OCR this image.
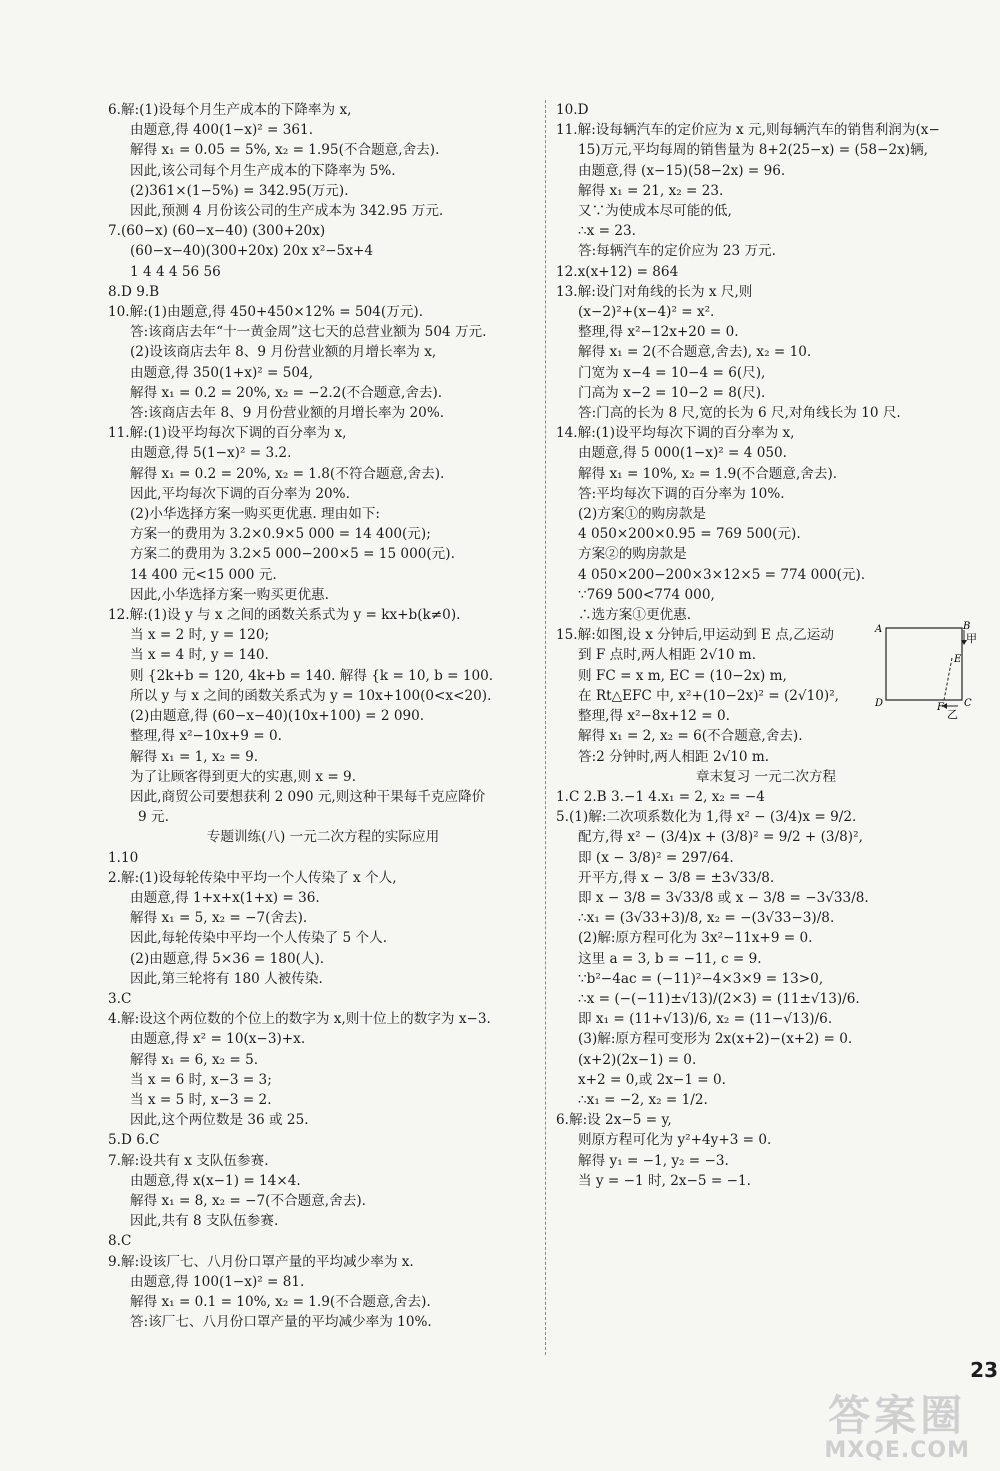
6.解:(1)设每个月生产成本的下降率为 x,
由题意,得 400(1−x)² = 361.
解得 x₁ = 0.05 = 5%, x₂ = 1.95(不合题意,舍去).
因此,该公司每个月生产成本的下降率为 5%.
(2)361×(1−5%) = 342.95(万元).
因此,预测 4 月份该公司的生产成本为 342.95 万元.
7.(60−x) (60−x−40) (300+20x)
(60−x−40)(300+20x) 20x x²−5x+4
1 4 4 4 56 56
8.D 9.B
10.解:(1)由题意,得 450+450×12% = 504(万元).
答:该商店去年“十一黄金周”这七天的总营业额为 504 万元.
(2)设该商店去年 8、9 月份营业额的月增长率为 x,
由题意,得 350(1+x)² = 504,
解得 x₁ = 0.2 = 20%, x₂ = −2.2(不合题意,舍去).
答:该商店去年 8、9 月份营业额的月增长率为 20%.
11.解:(1)设平均每次下调的百分率为 x,
由题意,得 5(1−x)² = 3.2.
解得 x₁ = 0.2 = 20%, x₂ = 1.8(不符合题意,舍去).
因此,平均每次下调的百分率为 20%.
(2)小华选择方案一购买更优惠. 理由如下:
方案一的费用为 3.2×0.9×5 000 = 14 400(元);
方案二的费用为 3.2×5 000−200×5 = 15 000(元).
14 400 元<15 000 元.
因此,小华选择方案一购买更优惠.
12.解:(1)设 y 与 x 之间的函数关系式为 y = kx+b(k≠0).
当 x = 2 时, y = 120;
当 x = 4 时, y = 140.
则 {2k+b = 120, 4k+b = 140. 解得 {k = 10, b = 100.
所以 y 与 x 之间的函数关系式为 y = 10x+100(0<x<20).
(2)由题意,得 (60−x−40)(10x+100) = 2 090.
整理,得 x²−10x+9 = 0.
解得 x₁ = 1, x₂ = 9.
为了让顾客得到更大的实惠,则 x = 9.
因此,商贸公司要想获利 2 090 元,则这种干果每千克应降价
9 元.
专题训练(八) 一元二次方程的实际应用
1.10
2.解:(1)设每轮传染中平均一个人传染了 x 个人,
由题意,得 1+x+x(1+x) = 36.
解得 x₁ = 5, x₂ = −7(舍去).
因此,每轮传染中平均一个人传染了 5 个人.
(2)由题意,得 5×36 = 180(人).
因此,第三轮将有 180 人被传染.
3.C
4.解:设这个两位数的个位上的数字为 x,则十位上的数字为 x−3.
由题意,得 x² = 10(x−3)+x.
解得 x₁ = 6, x₂ = 5.
当 x = 6 时, x−3 = 3;
当 x = 5 时, x−3 = 2.
因此,这个两位数是 36 或 25.
5.D 6.C
7.解:设共有 x 支队伍参赛.
由题意,得 x(x−1) = 14×4.
解得 x₁ = 8, x₂ = −7(不合题意,舍去).
因此,共有 8 支队伍参赛.
8.C
9.解:设该厂七、八月份口罩产量的平均减少率为 x.
由题意,得 100(1−x)² = 81.
解得 x₁ = 0.1 = 10%, x₂ = 1.9(不合题意,舍去).
答:该厂七、八月份口罩产量的平均减少率为 10%.
10.D
11.解:设每辆汽车的定价应为 x 元,则每辆汽车的销售利润为(x−
15)万元,平均每周的销售量为 8+2(25−x) = (58−2x)辆,
由题意,得 (x−15)(58−2x) = 96.
解得 x₁ = 21, x₂ = 23.
又∵为使成本尽可能的低,
∴x = 23.
答:每辆汽车的定价应为 23 万元.
12.x(x+12) = 864
13.解:设门对角线的长为 x 尺,则
(x−2)²+(x−4)² = x².
整理,得 x²−12x+20 = 0.
解得 x₁ = 2(不合题意,舍去), x₂ = 10.
门宽为 x−4 = 10−4 = 6(尺),
门高为 x−2 = 10−2 = 8(尺).
答:门高的长为 8 尺,宽的长为 6 尺,对角线长为 10 尺.
14.解:(1)设平均每次下调的百分率为 x,
由题意,得 5 000(1−x)² = 4 050.
解得 x₁ = 10%, x₂ = 1.9(不合题意,舍去).
答:平均每次下调的百分率为 10%.
(2)方案①的购房款是
4 050×200×0.95 = 769 500(元).
方案②的购房款是
4 050×200−200×3×12×5 = 774 000(元).
∵769 500<774 000,
∴选方案①更优惠.
15.解:如图,设 x 分钟后,甲运动到 E 点,乙运动
到 F 点时,两人相距 2√10 m.
则 FC = x m, EC = (10−2x) m,
在 Rt△EFC 中, x²+(10−2x)² = (2√10)²,
整理,得 x²−8x+12 = 0.
解得 x₁ = 2, x₂ = 6(不合题意,舍去).
答:2 分钟时,两人相距 2√10 m.
章末复习 一元二次方程
1.C 2.B 3.−1 4.x₁ = 2, x₂ = −4
5.(1)解:二次项系数化为 1,得 x² − (3/4)x = 9/2.
配方,得 x² − (3/4)x + (3/8)² = 9/2 + (3/8)²,
即 (x − 3/8)² = 297/64.
开平方,得 x − 3/8 = ±3√33/8.
即 x − 3/8 = 3√33/8 或 x − 3/8 = −3√33/8.
∴x₁ = (3√33+3)/8, x₂ = −(3√33−3)/8.
(2)解:原方程可化为 3x²−11x+9 = 0.
这里 a = 3, b = −11, c = 9.
∵b²−4ac = (−11)²−4×3×9 = 13>0,
∴x = (−(−11)±√13)/(2×3) = (11±√13)/6.
即 x₁ = (11+√13)/6, x₂ = (11−√13)/6.
(3)解:原方程可变形为 2x(x+2)−(x+2) = 0.
(x+2)(2x−1) = 0.
x+2 = 0,或 2x−1 = 0.
∴x₁ = −2, x₂ = 1/2.
6.解:设 2x−5 = y,
则原方程可化为 y²+4y+3 = 0.
解得 y₁ = −1, y₂ = −3.
当 y = −1 时, 2x−5 = −1.
A	B
甲
E
D	C
F
乙
23
答案圈
MXQE.COM
